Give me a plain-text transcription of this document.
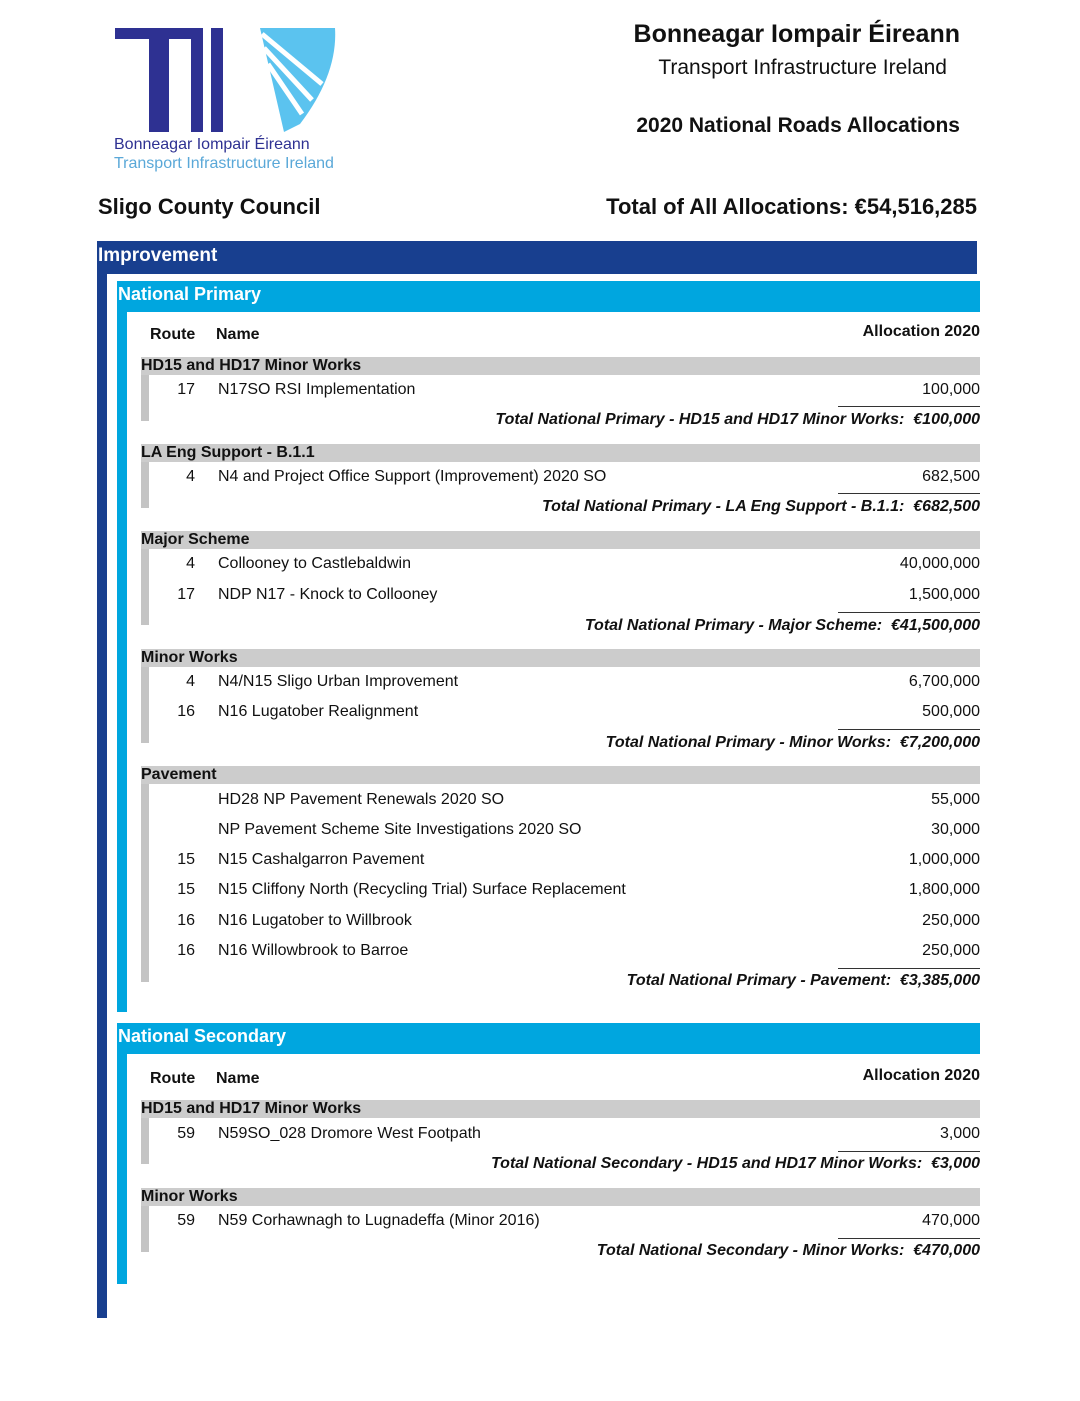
Bonneagar Iompair Éireann
Transport Infrastructure Ireland
Bonneagar Iompair Éireann
Transport Infrastructure Ireland
2020 National Roads Allocations
Sligo County Council	Total of All Allocations: €54,516,285
Improvement
National Primary
Route Name	Allocation 2020
HD15 and HD17 Minor Works
17 N17SO RSI Implementation	100,000
Total National Primary - HD15 and HD17 Minor Works: €100,000
LA Eng Support - B.1.1
4 N4 and Project Office Support (Improvement) 2020 SO	682,500
Total National Primary - LA Eng Support - B.1.1: €682,500
Major Scheme
4 Collooney to Castlebaldwin	40,000,000
17 NDP N17 - Knock to Collooney	1,500,000
Total National Primary - Major Scheme: €41,500,000
Minor Works
4 N4/N15 Sligo Urban Improvement	6,700,000
16 N16 Lugatober Realignment	500,000
Total National Primary - Minor Works: €7,200,000
Pavement
HD28 NP Pavement Renewals 2020 SO	55,000
NP Pavement Scheme Site Investigations 2020 SO	30,000
15 N15 Cashalgarron Pavement	1,000,000
15 N15 Cliffony North (Recycling Trial) Surface Replacement	1,800,000
16 N16 Lugatober to Willbrook	250,000
16 N16 Willowbrook to Barroe	250,000
Total National Primary - Pavement: €3,385,000
National Secondary
Route Name	Allocation 2020
HD15 and HD17 Minor Works
59 N59SO_028 Dromore West Footpath	3,000
Total National Secondary - HD15 and HD17 Minor Works: €3,000
Minor Works
59 N59 Corhawnagh to Lugnadeffa (Minor 2016)	470,000
Total National Secondary - Minor Works: €470,000
